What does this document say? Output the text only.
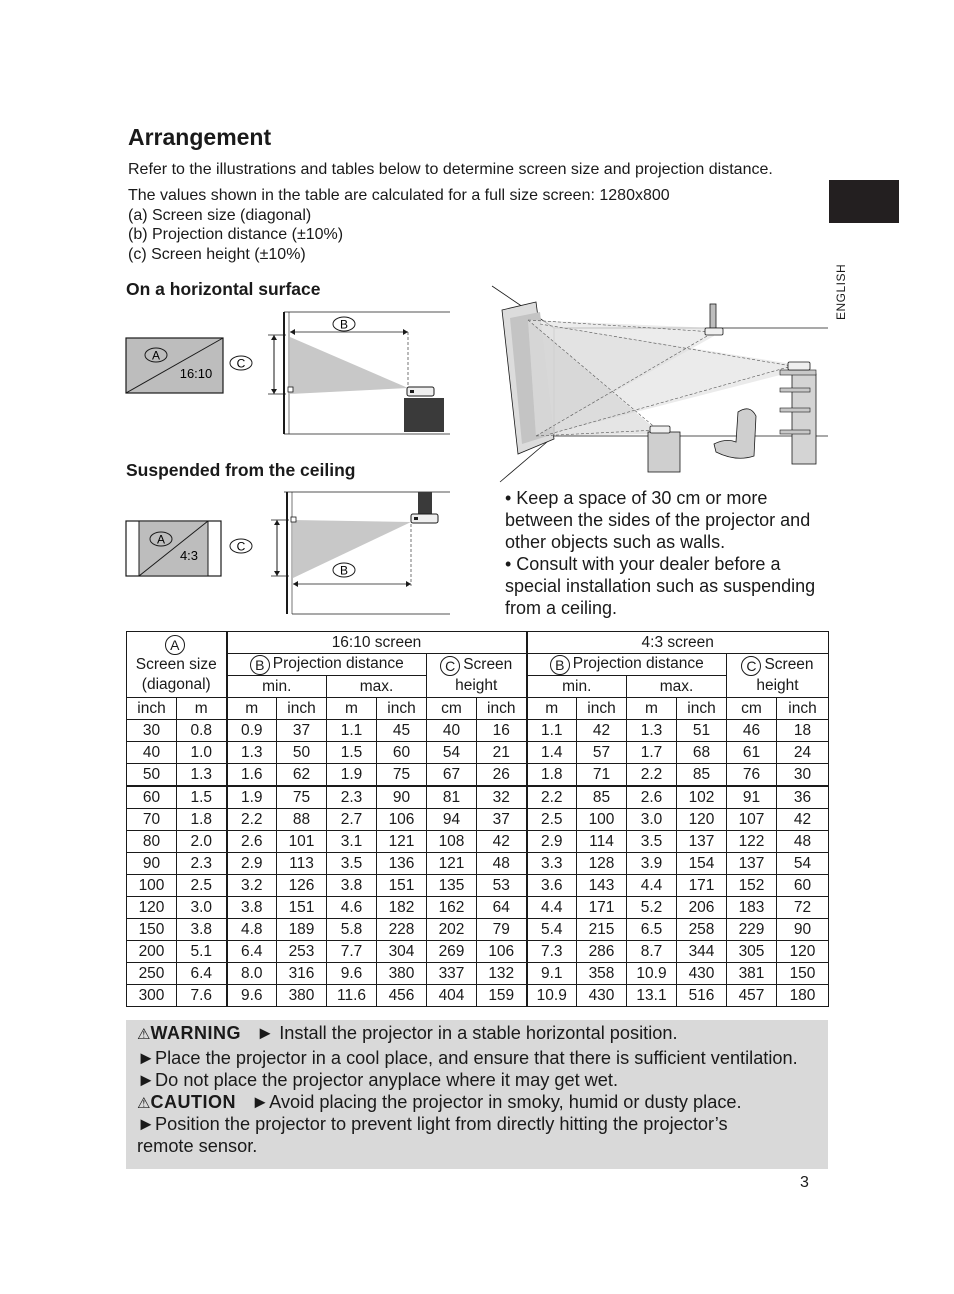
Arrangement
Refer to the illustrations and tables below to determine screen size and projection distance.
The values shown in the table are calculated for a full size screen: 1280x800
(a) Screen size (diagonal)
(b) Projection distance (±10%)
(c) Screen height (±10%)
ENGLISH
On a horizontal surface
Suspended from the ceiling
A
16:10
C
B
A
4:3
C
B
• Keep a space of 30 cm or more between the sides of the projector and other objects such as walls.
• Consult with your dealer before a special installation such as suspending from a ceiling.
A
Screen size (diagonal)		16:10 screen						4:3 screen					
		B Projection distance				C Screen height		B Projection distance				C Screen height	
		min.		max.				min.		max.			
inch	m	m	inch	m	inch	cm	inch	m	inch	m	inch	cm	inch
30	0.8	0.9	37	1.1	45	40	16	1.1	42	1.3	51	46	18
40	1.0	1.3	50	1.5	60	54	21	1.4	57	1.7	68	61	24
50	1.3	1.6	62	1.9	75	67	26	1.8	71	2.2	85	76	30
60	1.5	1.9	75	2.3	90	81	32	2.2	85	2.6	102	91	36
70	1.8	2.2	88	2.7	106	94	37	2.5	100	3.0	120	107	42
80	2.0	2.6	101	3.1	121	108	42	2.9	114	3.5	137	122	48
90	2.3	2.9	113	3.5	136	121	48	3.3	128	3.9	154	137	54
100	2.5	3.2	126	3.8	151	135	53	3.6	143	4.4	171	152	60
120	3.0	3.8	151	4.6	182	162	64	4.4	171	5.2	206	183	72
150	3.8	4.8	189	5.8	228	202	79	5.4	215	6.5	258	229	90
200	5.1	6.4	253	7.7	304	269	106	7.3	286	8.7	344	305	120
250	6.4	8.0	316	9.6	380	337	132	9.1	358	10.9	430	381	150
300	7.6	9.6	380	11.6	456	404	159	10.9	430	13.1	516	457	180
⚠WARNING ► Install the projector in a stable horizontal position.
►Place the projector in a cool place, and ensure that there is sufficient ventilation.
►Do not place the projector anyplace where it may get wet.
⚠CAUTION ►Avoid placing the projector in smoky, humid or dusty place.
►Position the projector to prevent light from directly hitting the projector’s
remote sensor.
3
